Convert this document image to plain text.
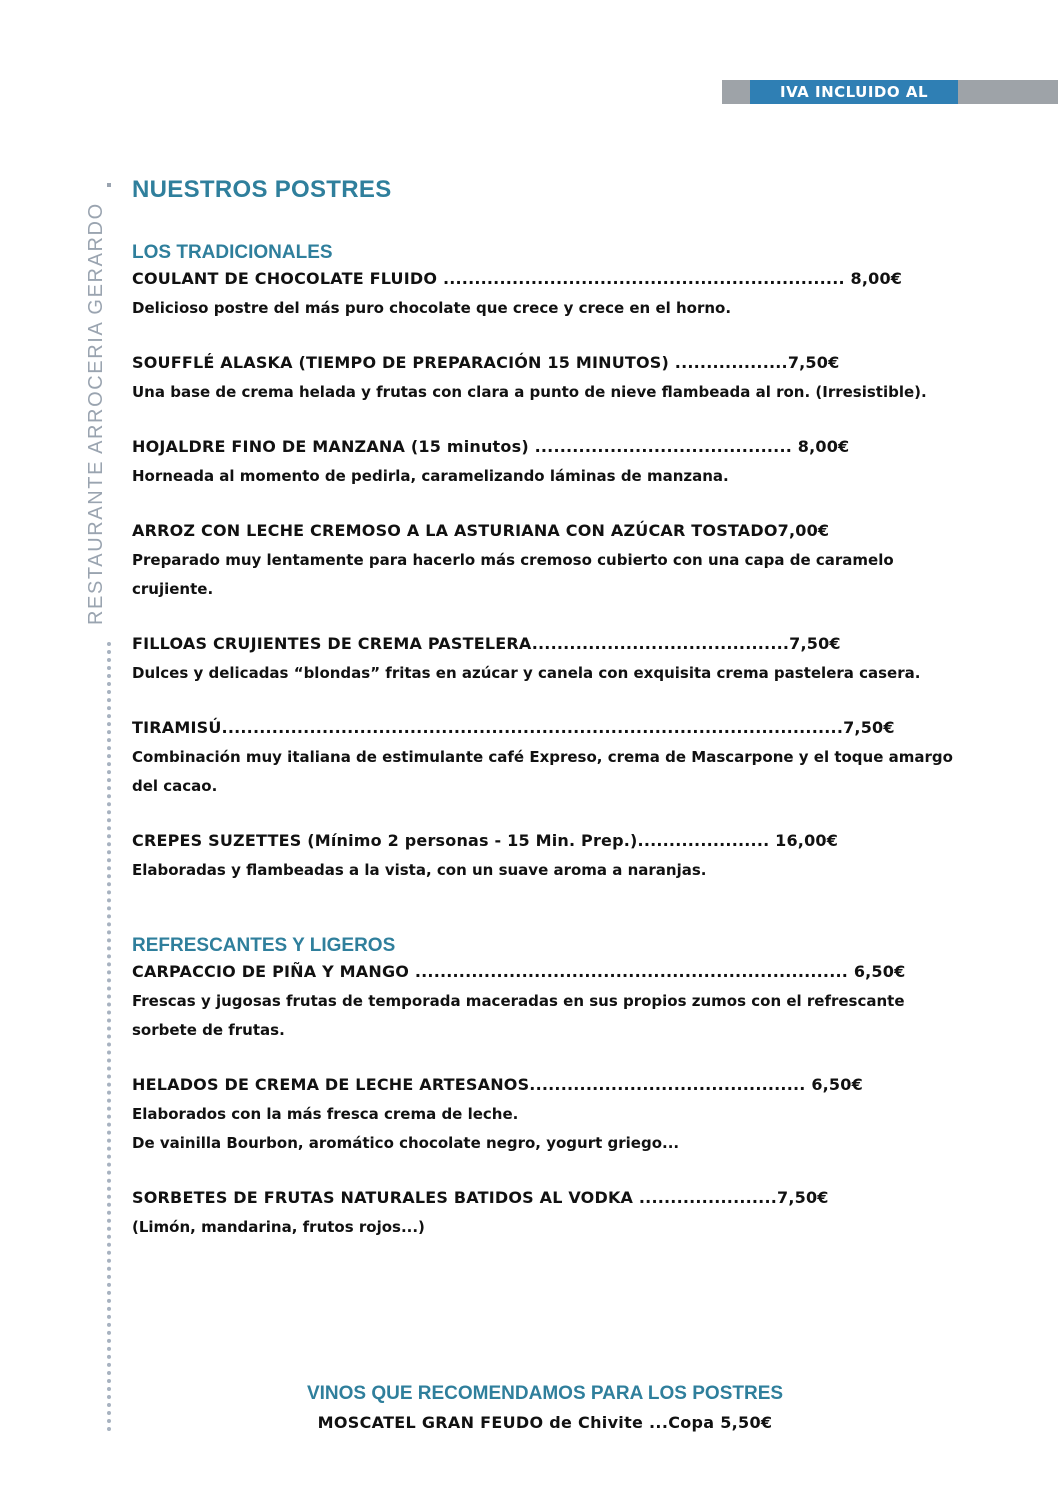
IVA INCLUIDO AL
RESTAURANTE ARROCERIA GERARDO
NUESTROS POSTRES
LOS TRADICIONALES
COULANT DE CHOCOLATE FLUIDO ................................................................ 8,00€
Delicioso postre del más puro chocolate que crece y crece en el horno.
SOUFFLÉ ALASKA (TIEMPO DE PREPARACIÓN 15 MINUTOS) ..................7,50€
Una base de crema helada y frutas con clara a punto de nieve flambeada al ron. (Irresistible).
HOJALDRE FINO DE MANZANA (15 minutos) ......................................... 8,00€
Horneada al momento de pedirla, caramelizando láminas de manzana.
ARROZ CON LECHE CREMOSO A LA ASTURIANA CON AZÚCAR TOSTADO7,00€
Preparado muy lentamente para hacerlo más cremoso cubierto con una capa de caramelo crujiente.
FILLOAS CRUJIENTES DE CREMA PASTELERA.........................................7,50€
Dulces y delicadas “blondas” fritas en azúcar y canela con exquisita crema pastelera casera.
TIRAMISÚ...................................................................................................7,50€
Combinación muy italiana de estimulante café Expreso, crema de Mascarpone y el toque amargo del cacao.
CREPES SUZETTES (Mínimo 2 personas - 15 Min. Prep.)..................... 16,00€
Elaboradas y flambeadas a la vista, con un suave aroma a naranjas.
REFRESCANTES Y LIGEROS
CARPACCIO DE PIÑA Y MANGO ..................................................................... 6,50€
Frescas y jugosas frutas de temporada maceradas en sus propios zumos con el refrescante sorbete de frutas.
HELADOS DE CREMA DE LECHE ARTESANOS............................................ 6,50€
Elaborados con la más fresca crema de leche.
De vainilla Bourbon, aromático chocolate negro, yogurt griego...
SORBETES DE FRUTAS NATURALES BATIDOS AL VODKA ......................7,50€
(Limón, mandarina, frutos rojos...)
VINOS QUE RECOMENDAMOS PARA LOS POSTRES
MOSCATEL GRAN FEUDO de Chivite ...Copa 5,50€
